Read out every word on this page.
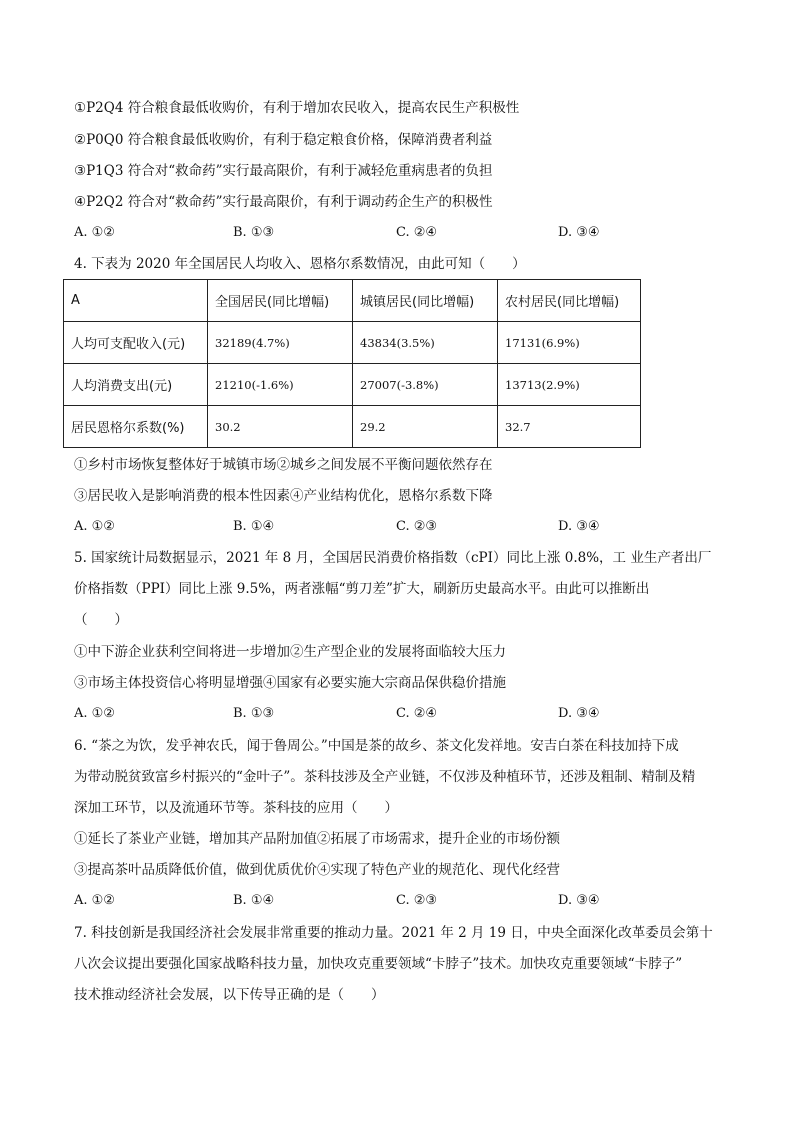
①P2Q4 符合粮食最低收购价，有利于增加农民收入，提高农民生产积极性
②P0Q0 符合粮食最低收购价，有利于稳定粮食价格，保障消费者利益
③P1Q3 符合对“救命药”实行最高限价，有利于减轻危重病患者的负担
④P2Q2 符合对“救命药”实行最高限价，有利于调动药企生产的积极性
A. ①②	B. ①③	C. ②④	D. ③④
4. 下表为 2020 年全国居民人均收入、恩格尔系数情况，由此可知（　　）
A	全国居民(同比增幅)	城镇居民(同比增幅)	农村居民(同比增幅)
人均可支配收入(元)	32189(4.7%)	43834(3.5%)	17131(6.9%)
人均消费支出(元)	21210(-1.6%)	27007(-3.8%)	13713(2.9%)
居民恩格尔系数(%)	30.2	29.2	32.7
①乡村市场恢复整体好于城镇市场②城乡之间发展不平衡问题依然存在
③居民收入是影响消费的根本性因素④产业结构优化，恩格尔系数下降
A. ①②	B. ①④	C. ②③	D. ③④
5. 国家统计局数据显示，2021 年 8 月，全国居民消费价格指数（cPI）同比上涨 0.8%，工 业生产者出厂
价格指数（PPI）同比上涨 9.5%，两者涨幅“剪刀差”扩大，刷新历史最高水平。由此可以推断出
（　　）
①中下游企业获利空间将进一步增加②生产型企业的发展将面临较大压力
③市场主体投资信心将明显增强④国家有必要实施大宗商品保供稳价措施
A. ①②	B. ①③	C. ②④	D. ③④
6. “茶之为饮，发乎神农氏，闻于鲁周公。”中国是茶的故乡、茶文化发祥地。安吉白茶在科技加持下成
为带动脱贫致富乡村振兴的“金叶子”。茶科技涉及全产业链，不仅涉及种植环节，还涉及粗制、精制及精
深加工环节，以及流通环节等。茶科技的应用（　　）
①延长了茶业产业链，增加其产品附加值②拓展了市场需求，提升企业的市场份额
③提高茶叶品质降低价值，做到优质优价④实现了特色产业的规范化、现代化经营
A. ①②	B. ①④	C. ②③	D. ③④
7. 科技创新是我国经济社会发展非常重要的推动力量。2021 年 2 月 19 日，中央全面深化改革委员会第十
八次会议提出要强化国家战略科技力量，加快攻克重要领域“卡脖子”技术。加快攻克重要领域“卡脖子”
技术推动经济社会发展，以下传导正确的是（　　）
